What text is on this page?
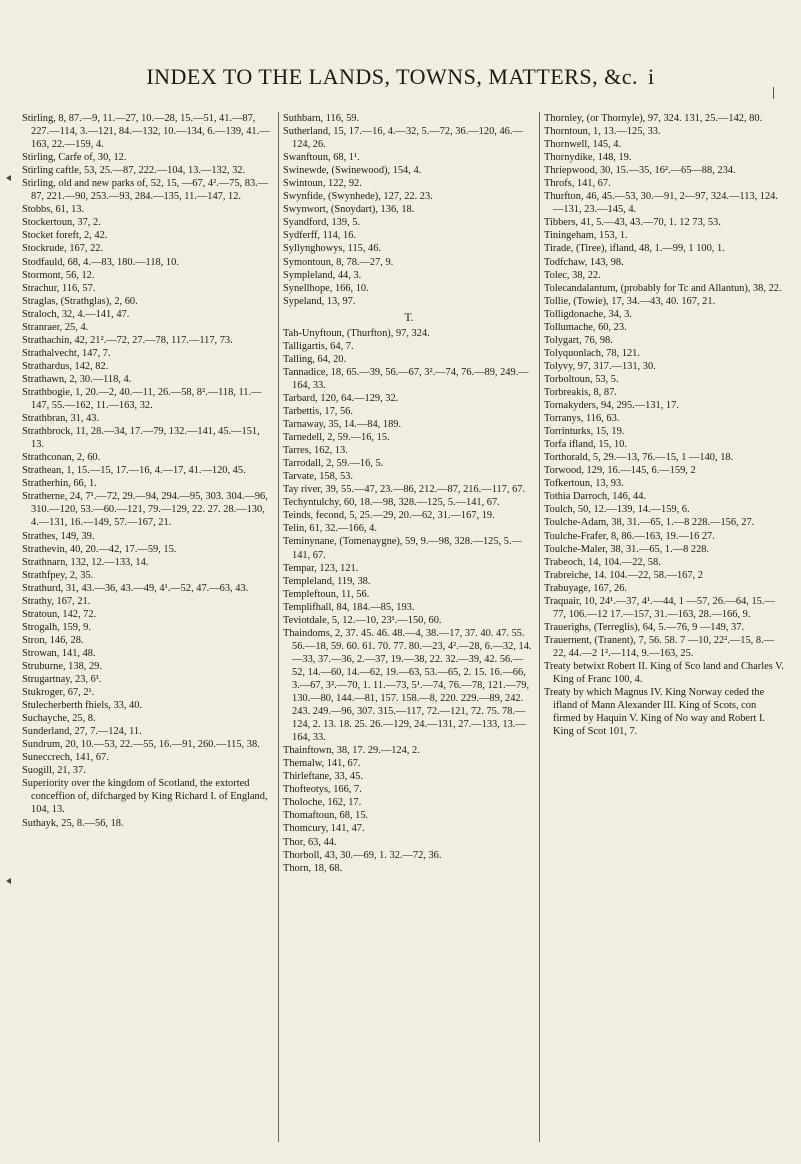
INDEX TO THE LANDS, TOWNS, MATTERS, &c. i

Stirling, 8, 87.—9, 11.—27, 10.—28, 15.—51, 41.—87, 227.—114, 3.—121, 84.—132, 10.—134, 6.—139, 41.—163, 22.—159, 4.

Stirling, Carfe of, 30, 12.

Stirling caftle, 53, 25.—87, 222.—104, 13.—132, 32.

Stirling, old and new parks of, 52, 15, —67, 4².—75, 83.—87, 221.—90, 253.—93, 284.—135, 11.—147, 12.

Stobbs, 61, 13.

Stockertoun, 37, 2.

Stocket foreft, 2, 42.

Stockrude, 167, 22.

Stodfauld, 68, 4.—83, 180.—118, 10.

Stormont, 56, 12.

Strachur, 116, 57.

Straglas, (Strathglas), 2, 60.

Straloch, 32, 4.—141, 47.

Stranraer, 25, 4.

Strathachin, 42, 21².—72, 27.—78, 117.—117, 73.

Strathalvecht, 147, 7.

Strathardus, 142, 82.

Strathawn, 2, 30.—118, 4.

Strathbogie, 1, 20.—2, 40.—11, 26.—58, 8².—118, 11.—147, 55.—162, 11.—163, 32.

Strathbran, 31, 43.

Strathbrock, 11, 28.—34, 17.—79, 132.—141, 45.—151, 13.

Strathconan, 2, 60.

Strathean, 1, 15.—15, 17.—16, 4.—17, 41.—120, 45.

Stratherhin, 66, 1.

Stratherne, 24, 7¹.—72, 29.—94, 294.—95, 303. 304.—96, 310.—120, 53.—60.—121, 79.—129, 22. 27. 28.—130, 4.—131, 16.—149, 57.—167, 21.

Strathes, 149, 39.

Strathevin, 40, 20.—42, 17.—59, 15.

Strathnarn, 132, 12.—133, 14.

Strathfpey, 2, 35.

Strathurd, 31, 43.—36, 43.—49, 4¹.—52, 47.—63, 43.

Strathy, 167, 21.

Stratoun, 142, 72.

Strogalh, 159, 9.

Stron, 146, 28.

Strowan, 141, 48.

Struburne, 138, 29.

Strugartnay, 23, 6¹.

Stukroger, 67, 2¹.

Stulecherberth fhiels, 33, 40.

Suchayche, 25, 8.

Sunderland, 27, 7.—124, 11.

Sundrum, 20, 10.—53, 22.—55, 16.—91, 260.—115, 38.

Suneccrech, 141, 67.

Suogill, 21, 37.

Superiority over the kingdom of Scotland, the extorted conceffion of, difcharged by King Richard I. of England, 104, 13.

Suthayk, 25, 8.—56, 18.

Suthbarn, 116, 59.

Sutherland, 15, 17.—16, 4.—32, 5.—72, 36.—120, 46.—124, 26.

Swanftoun, 68, 1¹.

Swinewde, (Swinewood), 154, 4.

Swintoun, 122, 92.

Swynfide, (Swynhede), 127, 22. 23.

Swynwort, (Snoydart), 136, 18.

Syandford, 139, 5.

Sydferff, 114, 16.

Syllynghowys, 115, 46.

Symontoun, 8, 78.—27, 9.

Sympleland, 44, 3.

Synellhope, 166, 10.

Sypeland, 13, 97.

T.

Tah-Unyftoun, (Thurfton), 97, 324.

Talligartis, 64, 7.

Talling, 64, 20.

Tannadice, 18, 65.—39, 56.—67, 3².—74, 76.—89, 249.—164, 33.

Tarbard, 120, 64.—129, 32.

Tarbettis, 17, 56.

Tarnaway, 35, 14.—84, 189.

Tarnedell, 2, 59.—16, 15.

Tarres, 162, 13.

Tarrodall, 2, 59.—16, 5.

Tarvate, 158, 53.

Tay river, 39, 55.—47, 23.—86, 212.—87, 216.—117, 67.

Techyntulchy, 60, 18.—98, 328.—125, 5.—141, 67.

Teinds, fecond, 5, 25.—29, 20.—62, 31.—167, 19.

Telin, 61, 32.—166, 4.

Teminynane, (Tomenaygne), 59, 9.—98, 328.—125, 5.—141, 67.

Tempar, 123, 121.

Templeland, 119, 38.

Templeftoun, 11, 56.

Templifhall, 84, 184.—85, 193.

Teviotdale, 5, 12.—10, 23¹.—150, 60.

Thaindoms, 2, 37. 45. 46. 48.—4, 38.—17, 37. 40. 47. 55. 56.—18, 59. 60. 61. 70. 77. 80.—23, 4².—28, 6.—32, 14.—33, 37.—36, 2.—37, 19.—38, 22. 32.—39, 42. 56.—52, 14.—60, 14.—62, 19.—63, 53.—65, 2. 15. 16.—66, 3.—67, 3².—70, 1. 11.—73, 5¹.—74, 76.—78, 121.—79, 130.—80, 144.—81, 157. 158.—8, 220. 229.—89, 242. 243. 249.—96, 307. 315.—117, 72.—121, 72. 75. 78.—124, 2. 13. 18. 25. 26.—129, 24.—131, 27.—133, 13.—164, 33.

Thainftown, 38, 17. 29.—124, 2.

Themalw, 141, 67.

Thirleftane, 33, 45.

Thofteotys, 166, 7.

Tholoche, 162, 17.

Thomaftoun, 68, 15.

Thomcury, 141, 47.

Thor, 63, 44.

Thorboll, 43, 30.—69, 1. 32.—72, 36.

Thorn, 18, 68.

Thornley, (or Thornyle), 97, 324. 131, 25.—142, 80.

Thorntoun, 1, 13.—125, 33.

Thornwell, 145, 4.

Thornydike, 148, 19.

Thriepwood, 30, 15.—35, 16².—65—88, 234.

Throfs, 141, 67.

Thurfton, 46, 45.—53, 30.—91, 2—97, 324.—113, 124.—131, 23.—145, 4.

Tibbers, 41, 5.—43, 43.—70, 1. 12 73, 53.

Tiningeham, 153, 1.

Tirade, (Tiree), ifland, 48, 1.—99, 1 100, 1.

Todfchaw, 143, 98.

Tolec, 38, 22.

Tolecandalantum, (probably for Tc and Allantun), 38, 22.

Tollie, (Towie), 17, 34.—43, 40. 167, 21.

Tolligdonache, 34, 3.

Tollumache, 60, 23.

Tolygart, 76, 98.

Tolyquonlach, 78, 121.

Tolyvy, 97, 317.—131, 30.

Torboltoun, 53, 5.

Torbreakis, 8, 87.

Tornakyders, 94, 295.—131, 17.

Torranys, 116, 63.

Torrinturks, 15, 19.

Torfa ifland, 15, 10.

Torthorald, 5, 29.—13, 76.—15, 1 —140, 18.

Torwood, 129, 16.—145, 6.—159, 2

Tofkertoun, 13, 93.

Tothia Darroch, 146, 44.

Toulch, 50, 12.—139, 14.—159, 6.

Toulche-Adam, 38, 31.—65, 1.—8 228.—156, 27.

Toulche-Frafer, 8, 86.—163, 19.—16 27.

Toulche-Maler, 38, 31.—65, 1.—8 228.

Trabeoch, 14, 104.—22, 58.

Trabreiche, 14. 104.—22, 58.—167, 2

Trabuyage, 167, 26.

Traquair, 10, 24¹.—37, 4¹.—44, 1 —57, 26.—64, 15.—77, 106.—12 17.—157, 31.—163, 28.—166, 9.

Trauerighs, (Terreglis), 64, 5.—76, 9 —149, 37.

Trauernent, (Tranent), 7, 56. 58. 7 —10, 22².—15, 8.—22, 44.—2 1².—114, 9.—163, 25.

Treaty betwixt Robert II. King of Sco land and Charles V. King of Franc 100, 4.

Treaty by which Magnus IV. King Norway ceded the ifland of Mann Alexander III. King of Scots, con firmed by Haquin V. King of No way and Robert I. King of Scot 101, 7.
